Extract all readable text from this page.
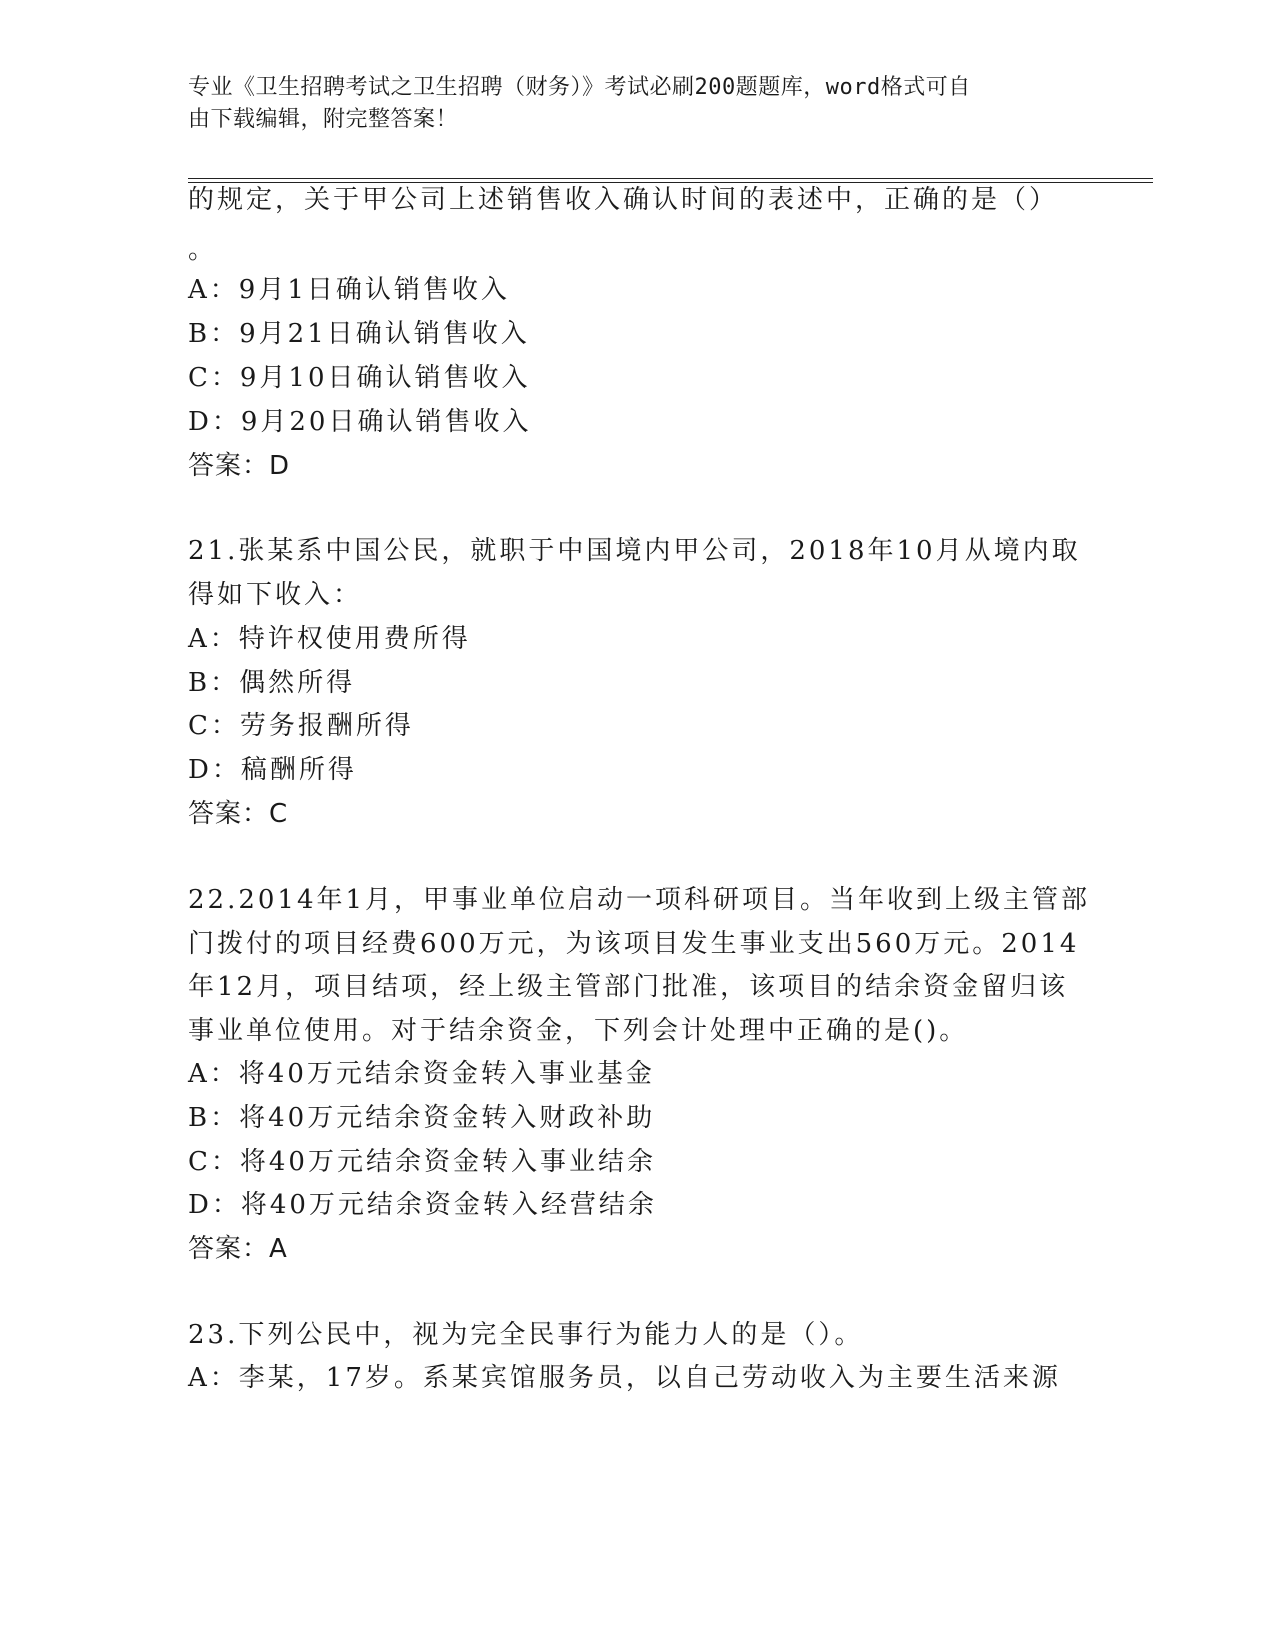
专业《卫生招聘考试之卫生招聘（财务）》考试必刷200题题库，word格式可自
由下载编辑，附完整答案！
的规定，关于甲公司上述销售收入确认时间的表述中，正确的是（）
。
A：9月1日确认销售收入
B：9月21日确认销售收入
C：9月10日确认销售收入
D：9月20日确认销售收入
答案：D
21.张某系中国公民，就职于中国境内甲公司，2018年10月从境内取
得如下收入：
A：特许权使用费所得
B：偶然所得
C：劳务报酬所得
D：稿酬所得
答案：C
22.2014年1月，甲事业单位启动一项科研项目。当年收到上级主管部
门拨付的项目经费600万元，为该项目发生事业支出560万元。2014
年12月，项目结项，经上级主管部门批准，该项目的结余资金留归该
事业单位使用。对于结余资金，下列会计处理中正确的是()。
A：将40万元结余资金转入事业基金
B：将40万元结余资金转入财政补助
C：将40万元结余资金转入事业结余
D：将40万元结余资金转入经营结余
答案：A
23.下列公民中，视为完全民事行为能力人的是（）。
A：李某，17岁。系某宾馆服务员，以自己劳动收入为主要生活来源
